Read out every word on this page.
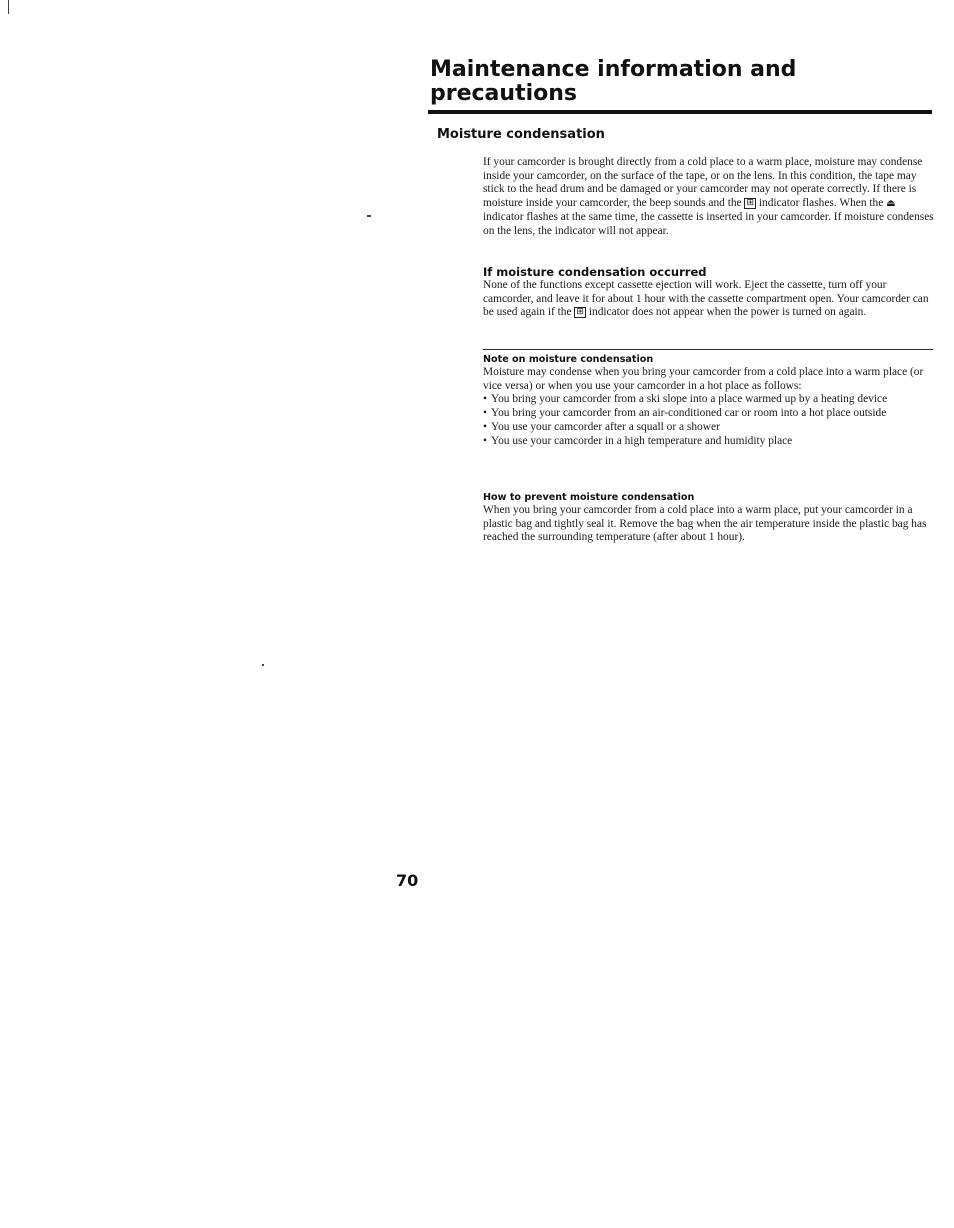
Maintenance information and precautions
Moisture condensation

If your camcorder is brought directly from a cold place to a warm place, moisture may condense inside your camcorder, on the surface of the tape, or on the lens. In this condition, the tape may stick to the head drum and be damaged or your camcorder may not operate correctly. If there is moisture inside your camcorder, the beep sounds and the ⊞ indicator flashes. When the ⏏ indicator flashes at the same time, the cassette is inserted in your camcorder. If moisture condenses on the lens, the indicator will not appear.

If moisture condensation occurred

None of the functions except cassette ejection will work. Eject the cassette, turn off your camcorder, and leave it for about 1 hour with the cassette compartment open. Your camcorder can be used again if the ⊞ indicator does not appear when the power is turned on again.

Note on moisture condensation

Moisture may condense when you bring your camcorder from a cold place into a warm place (or vice versa) or when you use your camcorder in a hot place as follows:

• You bring your camcorder from a ski slope into a place warmed up by a heating device
• You bring your camcorder from an air-conditioned car or room into a hot place outside
• You use your camcorder after a squall or a shower
• You use your camcorder in a high temperature and humidity place
How to prevent moisture condensation

When you bring your camcorder from a cold place into a warm place, put your camcorder in a plastic bag and tightly seal it. Remove the bag when the air temperature inside the plastic bag has reached the surrounding temperature (after about 1 hour).

70
